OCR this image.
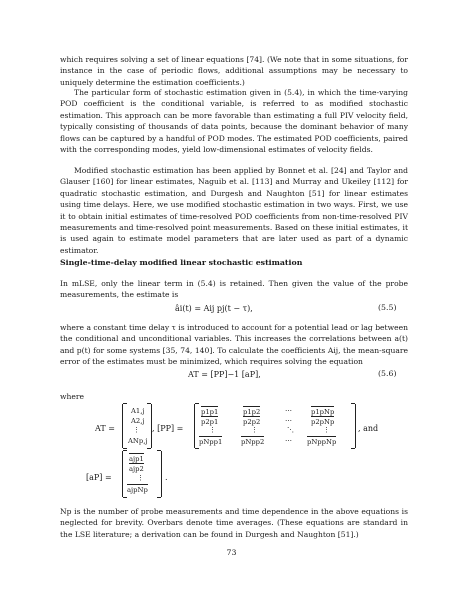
which requires solving a set of linear equations [74]. (We note that in some situations, for instance in the case of periodic flows, additional assumptions may be necessary to uniquely determine the estimation coefficients.)

The particular form of stochastic estimation given in (5.4), in which the time-varying POD coefficient is the conditional variable, is referred to as modified stochastic estimation. This approach can be more favorable than estimating a full PIV velocity field, typically consisting of thousands of data points, because the dominant behavior of many flows can be captured by a handful of POD modes. The estimated POD coefficients, paired with the corresponding modes, yield low-dimensional estimates of velocity fields.

Modified stochastic estimation has been applied by Bonnet et al. [24] and Taylor and Glauser [160] for linear estimates, Naguib et al. [113] and Murray and Ukeiley [112] for quadratic stochastic estimation, and Durgesh and Naughton [51] for linear estimates using time delays. Here, we use modified stochastic estimation in two ways. First, we use it to obtain initial estimates of time-resolved POD coefficients from non-time-resolved PIV measurements and time-resolved point measurements. Based on these initial estimates, it is used again to estimate model parameters that are later used as part of a dynamic estimator.

Single-time-delay modified linear stochastic estimation

In mLSE, only the linear term in (5.4) is retained. Then given the value of the probe measurements, the estimate is

âi(t) = Aij pj(t − τ),	(5.5)

where a constant time delay τ is introduced to account for a potential lead or lag between the conditional and unconditional variables. This increases the correlations between a(t) and p(t) for some systems [35, 74, 140]. To calculate the coefficients Aij, the mean-square error of the estimates must be minimized, which requires solving the equation

AT = [PP]−1 [aP],	(5.6)

where

AT =
A1,j
A2,j
⋮
ANp,j
, [PP] =
p1p1	p1p2	⋯	p1pNp
p2p1	p2p2	⋯	p2pNp
⋮	⋮	⋱	⋮
pNpp1	pNpp2	⋯ pNppNp
, and
[aP] =
ajp1
ajp2
⋮
ajpNp
.

Np is the number of probe measurements and time dependence in the above equations is neglected for brevity. Overbars denote time averages. (These equations are standard in the LSE literature; a derivation can be found in Durgesh and Naughton [51].)

73
